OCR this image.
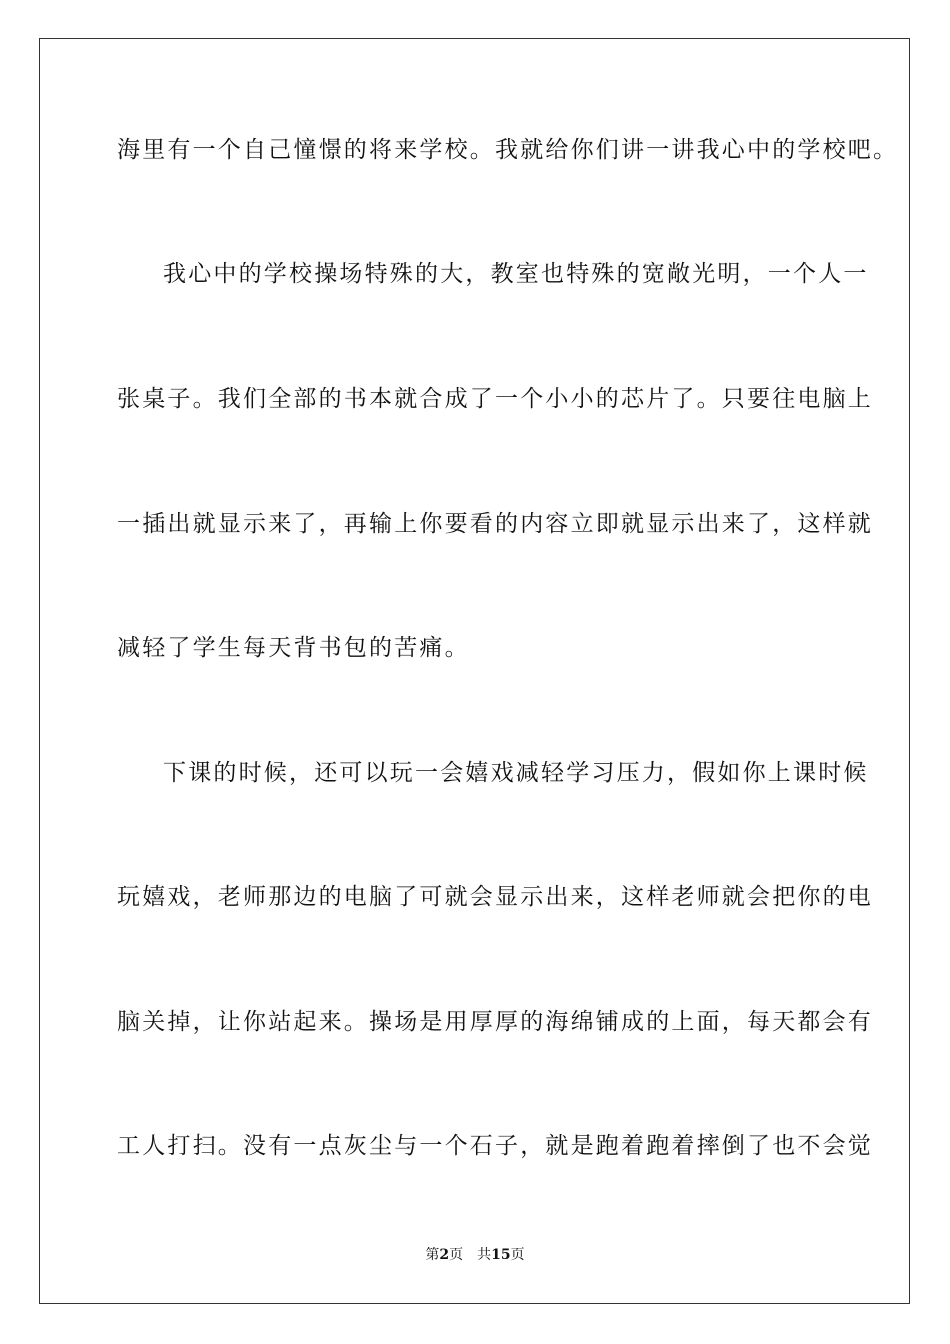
海里有一个自己憧憬的将来学校。我就给你们讲一讲我心中的学校吧。
我心中的学校操场特殊的大，教室也特殊的宽敞光明，一个人一
张桌子。我们全部的书本就合成了一个小小的芯片了。只要往电脑上
一插出就显示来了，再输上你要看的内容立即就显示出来了，这样就
减轻了学生每天背书包的苦痛。
下课的时候，还可以玩一会嬉戏减轻学习压力，假如你上课时候
玩嬉戏，老师那边的电脑了可就会显示出来，这样老师就会把你的电
脑关掉，让你站起来。操场是用厚厚的海绵铺成的上面，每天都会有
工人打扫。没有一点灰尘与一个石子，就是跑着跑着摔倒了也不会觉
第2页 共15页
